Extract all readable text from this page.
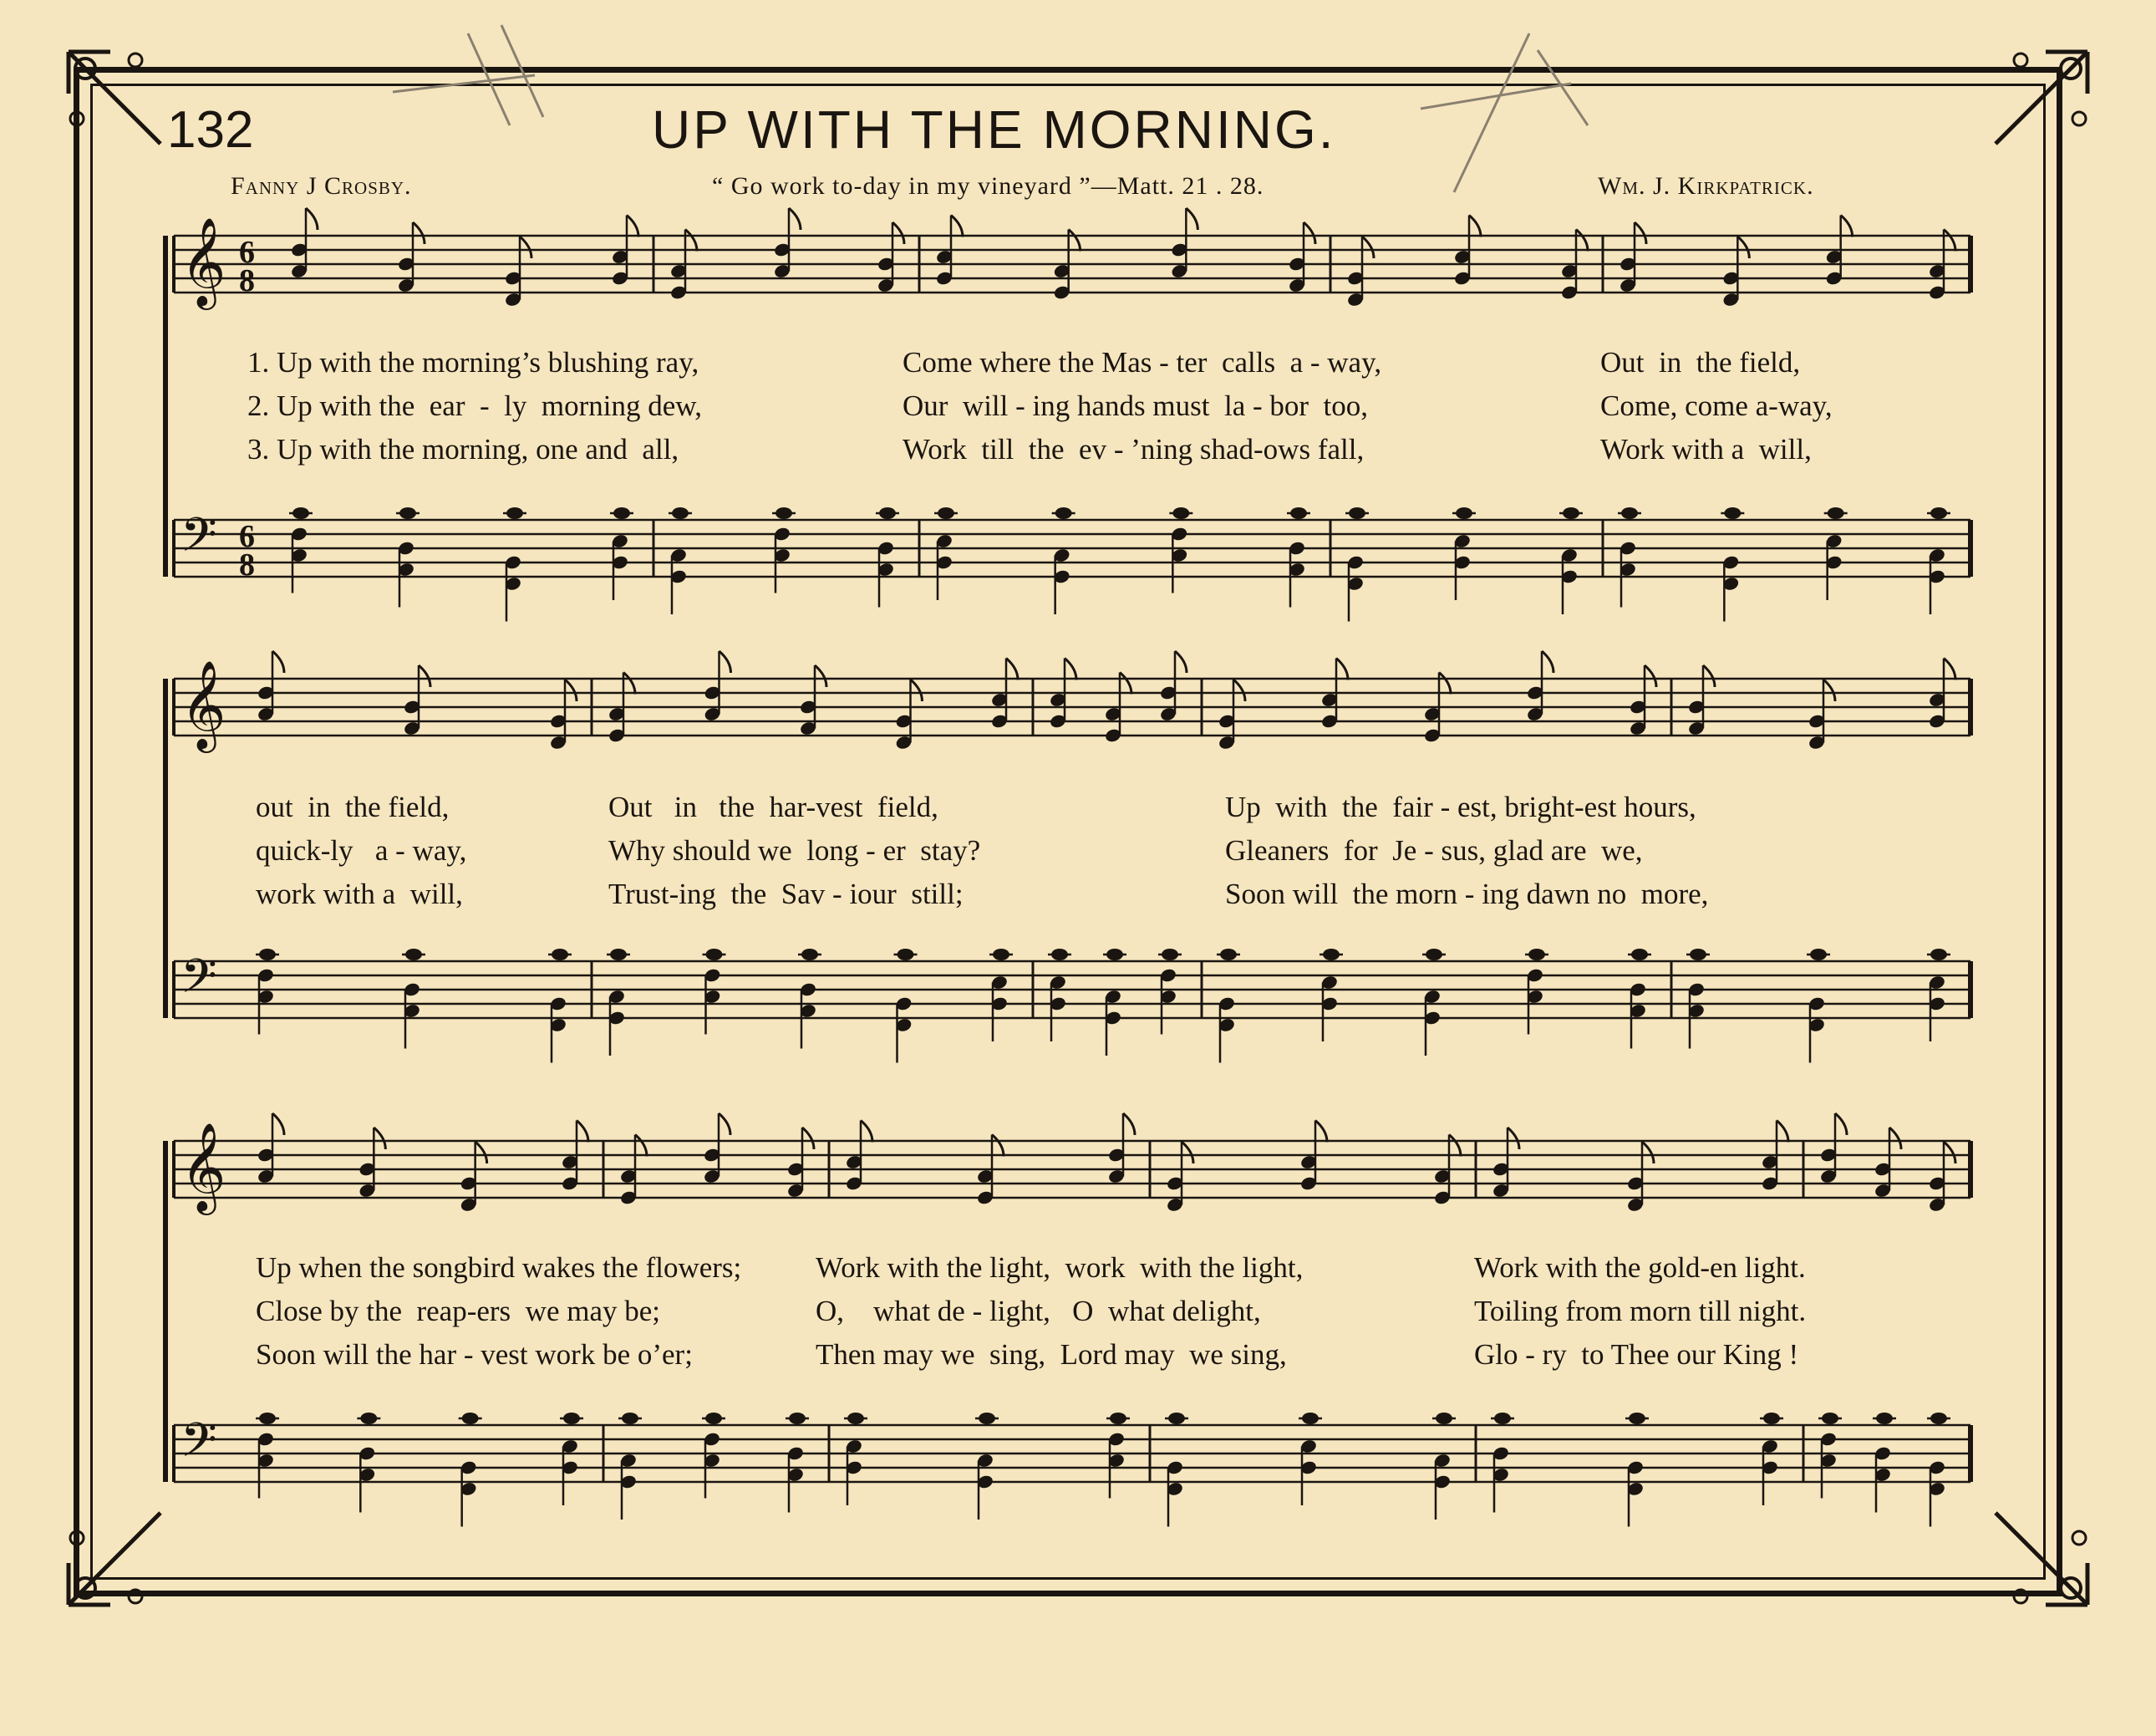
132	UP WITH THE MORNING.
Fanny J Crosby.	“ Go work to-day in my vineyard ”—Matt. 21 . 28.	Wm. J. Kirkpatrick.
𝄞 6
8
𝄢 6
8
𝄞
𝄢
𝄞
𝄢
1. Up with the morning’s blushing ray,	Come where the Mas - ter  calls  a - way,	Out  in  the field,
2. Up with the  ear  -  ly  morning dew,	Our  will - ing hands must  la - bor  too,	Come, come a-way,
3. Up with the morning, one and  all,	Work  till  the  ev - ’ning shad-ows fall,	Work with a  will,
out  in  the field,	Out   in   the  har-vest  field,	Up  with  the  fair - est, bright-est hours,
quick-ly   a - way,	Why should we  long - er  stay?	Gleaners  for  Je - sus, glad are  we,
work with a  will,	Trust-ing  the  Sav - iour  still;	Soon will  the morn - ing dawn no  more,
Up when the songbird wakes the flowers;	Work with the light,  work  with the light,	Work with the gold-en light.
Close by the  reap-ers  we may be;	O,    what de - light,   O  what delight,	Toiling from morn till night.
Soon will the har - vest work be o’er;	Then may we  sing,  Lord may  we sing,	Glo - ry  to Thee our King !
